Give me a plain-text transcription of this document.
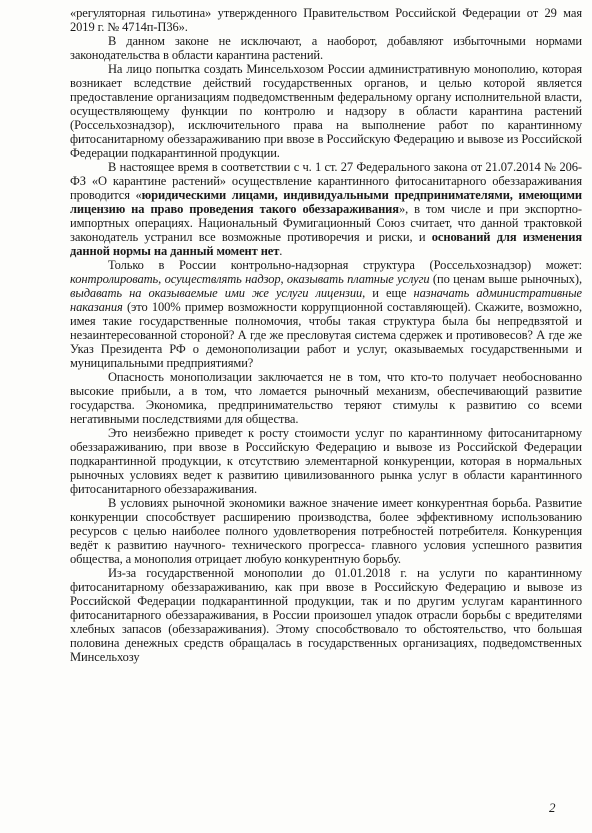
«регуляторная гильотина» утвержденного Правительством Российской Федерации от 29 мая 2019 г. № 4714п-П36».

В данном законе не исключают, а наоборот, добавляют избыточными нормами законодательства в области карантина растений.

На лицо попытка создать Минсельхозом России административную монополию, которая возникает вследствие действий государственных органов, и целью которой является предоставление организациям подведомственным федеральному органу исполнительной власти, осуществляющему функции по контролю и надзору в области карантина растений (Россельхознадзор), исключительного права на выполнение работ по карантинному фитосанитарному обеззараживанию при ввозе в Российскую Федерацию и вывозе из Российской Федерации подкарантинной продукции.

В настоящее время в соответствии с ч. 1 ст. 27 Федерального закона от 21.07.2014 № 206-ФЗ «О карантине растений» осуществление карантинного фитосанитарного обеззараживания проводится «юридическими лицами, индивидуальными предпринимателями, имеющими лицензию на право проведения такого обеззараживания», в том числе и при экспортно-импортных операциях. Национальный Фумигационный Союз считает, что данной трактовкой законодатель устранил все возможные противоречия и риски, и оснований для изменения данной нормы на данный момент нет.

Только в России контрольно-надзорная структура (Россельхознадзор) может: контролировать, осуществлять надзор, оказывать платные услуги (по ценам выше рыночных), выдавать на оказываемые ими же услуги лицензии, и еще назначать административные наказания (это 100% пример возможности коррупционной составляющей). Скажите, возможно, имея такие государственные полномочия, чтобы такая структура была бы непредвзятой и незаинтересованной стороной? А где же пресловутая система сдержек и противовесов? А где же Указ Президента РФ о демонополизации работ и услуг, оказываемых государственными и муниципальными предприятиями?

Опасность монополизации заключается не в том, что кто-то получает необоснованно высокие прибыли, а в том, что ломается рыночный механизм, обеспечивающий развитие государства. Экономика, предпринимательство теряют стимулы к развитию со всеми негативными последствиями для общества.

Это неизбежно приведет к росту стоимости услуг по карантинному фитосанитарному обеззараживанию, при ввозе в Российскую Федерацию и вывозе из Российской Федерации подкарантинной продукции, к отсутствию элементарной конкуренции, которая в нормальных рыночных условиях ведет к развитию цивилизованного рынка услуг в области карантинного фитосанитарного обеззараживания.

В условиях рыночной экономики важное значение имеет конкурентная борьба. Развитие конкуренции способствует расширению производства, более эффективному использованию ресурсов с целью наиболее полного удовлетворения потребностей потребителя. Конкуренция ведёт к развитию научного- технического прогресса- главного условия успешного развития общества, а монополия отрицает любую конкурентную борьбу.

Из-за государственной монополии до 01.01.2018 г. на услуги по карантинному фитосанитарному обеззараживанию, как при ввозе в Российскую Федерацию и вывозе из Российской Федерации подкарантинной продукции, так и по другим услугам карантинного фитосанитарного обеззараживания, в России произошел упадок отрасли борьбы с вредителями хлебных запасов (обеззараживания). Этому способствовало то обстоятельство, что большая половина денежных средств обращалась в государственных организациях, подведомственных Минсельхозу

2
